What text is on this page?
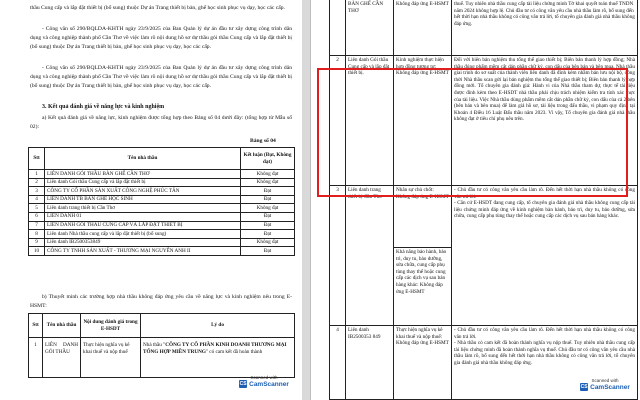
thầu Cung cấp và lắp đặt thiết bị (bổ sung) thuộc Dự án Trang thiết bị bàn, ghế học sinh phục vụ dạy, học các cấp.

- Công văn số 290/BQLDA-KHTH ngày 23/9/2025 của Ban Quản lý dự án đầu tư xây dựng công trình dân dụng và công nghiệp thành phố Cần Thơ về việc làm rõ nội dung hồ sơ dự thầu gói thầu Cung cấp và lắp đặt thiết bị (bổ sung) thuộc Dự án Trang thiết bị bàn, ghế học sinh phục vụ dạy, học các cấp.

- Công văn số 290/BQLDA-KHTH ngày 23/9/2025 của Ban Quản lý dự án đầu tư xây dựng công trình dân dụng và công nghiệp thành phố Cần Thơ về việc làm rõ nội dung hồ sơ dự thầu gói thầu Cung cấp và lắp đặt thiết bị (bổ sung) thuộc Dự án Trang thiết bị bàn, ghế học sinh phục vụ dạy, học các cấp.

3. Kết quả đánh giá về năng lực và kinh nghiệm

a) Kết quả đánh giá về năng lực, kinh nghiệm được tổng hợp theo Bảng số 04 dưới đây: (tổng hợp từ Mẫu số 02):

Bảng số 04

Stt	Tên nhà thầu	Kết luận (Đạt, Không đạt)
1	LIÊN DANH GÓI THẦU BÀN GHẾ CẦN THƠ	Không đạt
2	Liên danh Gói thầu Cung cấp và lắp đặt thiết bị	Không đạt
3	CÔNG TY CỔ PHẦN SẢN XUẤT CÔNG NGHỆ PHÚC TÂN	Đạt
4	LIÊN DANH TB BÀN GHẾ HỌC SINH	Đạt
5	Liên danh trang thiết bị Cần Thơ	Không đạt
6	LIÊN DANH 01	Đạt
7	LIÊN DANH GÓI THẦU CUNG CẤP VÀ LẮP ĐẶT THIẾT BỊ	Đạt
8	Liên danh Nhà thầu cung cấp và lắp đặt thiết bị (bổ sung)	Đạt
9	Liên danh IB2500353849	Không đạt
10	CÔNG TY TNHH SẢN XUẤT - THƯƠNG MẠI NGUYỄN ANH II	Đạt

b) Thuyết minh các trường hợp nhà thầu không đáp ứng yêu cầu về năng lực và kinh nghiệm nêu trong E-HSMT:

Stt	Tên nhà thầu	Nội dung đánh giá trong E-HSDT	Lý do
1	LIÊN DANH GÓI THẦU	Thực hiện nghĩa vụ kê khai thuế và nộp thuế	Nhà thầu "CÔNG TY CỔ PHẦN KINH DOANH THƯƠNG MẠI TỔNG HỢP MIỀN TRUNG" có cam kết đã hoàn thành
Scanned with
CS CamScanner
	BÀN GHẾ CẦN THƠ	Không đáp ứng E-HSMT	thuế. Tuy nhiên nhà thầu cung cấp tài liệu chứng minh Tờ khai quyết toán thuế TNDN năm 2024 không hợp lệ. Chủ đầu tư có công văn yêu cầu nhà thầu làm rõ, bổ sung đến hết thời hạn nhà thầu không có công văn trả lời, tổ chuyên gia đánh giá nhà thầu không đáp ứng.
2	Liên danh Gói thầu Cung cấp và lắp đặt thiết bị.	Kinh nghiệm thực hiện hợp đồng tương tự: Không đáp ứng E-HSMT	Đối với biên bản nghiệm thu tổng thể giao thiết bị; Biên bản thanh lý hợp đồng; Nhà thầu đúng phẩm mềm cắt dán phần chữ ký, con dấu của bên bán và bên mua. Nhà thầu giai trình do sơ suất của thành viên liên danh đã đính kèm nhầm bản lưu nội bộ, đồng thời Nhà thầu scan gửi lại bản nghiệm thu tổng thể giao thiết bị; Biên bản thanh lý hợp đồng mới. Tổ chuyên gia đánh giá: Hành vi của Nhà thầu tham dự, thực tế tài liệu được đính kèm theo E-HSDT nhà thầu phải chịu trách nhiệm kiểm tra tính xác thực của tài liệu. Việc Nhà thầu dùng phẩm mềm cắt dán phần chữ ký, con dấu của cả 2 bên (bên bán và bên mua) để làm giả hồ sơ, tài liệu trong đấu thầu, vi phạm quy định tại Khoản 4 Điều 16 Luật Đấu thầu năm 2023. Vì vậy, Tổ chuyên gia đánh giá nhà thầu không đạt ở tiêu chí phụ nêu trên.
3	Liên danh trang thiết bị Cần Thơ	Nhân sự chủ chốt: Không đáp ứng E-HSMT	- Chủ đầu tư có công văn yêu cầu làm rõ. Đến hết thời hạn nhà thầu không có công văn trả lời.
- Căn cứ E-HSDT đang cung cấp, tổ chuyên gia đánh giá nhà thầu không cung cấp tài liệu chứng minh đáp ứng về kinh nghiệm bàn hành, bảo trì, duy tu, bảo dưỡng, sửa chữa, cung cấp phụ tùng thay thế hoặc cung cấp các dịch vụ sau bán hàng khác.
		Khả năng bảo hành, bảo trì, duy tu, bảo dưỡng, sửa chữa, cung cấp phụ tùng thay thế hoặc cung cấp các dịch vụ sau bán hàng khác: Không đáp ứng E-HSMT	
4	Liên danh IB2500353 849	Thực hiện nghĩa vụ kê khai thuế và nộp thuế: Không đáp ứng E-HSMT	- Chủ đầu tư có công văn yêu cầu làm rõ. Đến hết thời hạn nhà thầu không có công văn trả lời.
- Nhà thầu có cam kết đã hoàn thành nghĩa vụ nộp thuế. Tuy nhiên nhà thầu cung cấp tài liệu chứng minh đã hoàn thành nghĩa vụ thuế. Chủ đầu tư có công văn yêu cầu nhà thầu làm rõ, bổ sung đến hết thời hạn nhà thầu không có công văn trả lời, tổ chuyên gia đánh giá nhà thầu không đáp ứng.
Scanned with
CS CamScanner
